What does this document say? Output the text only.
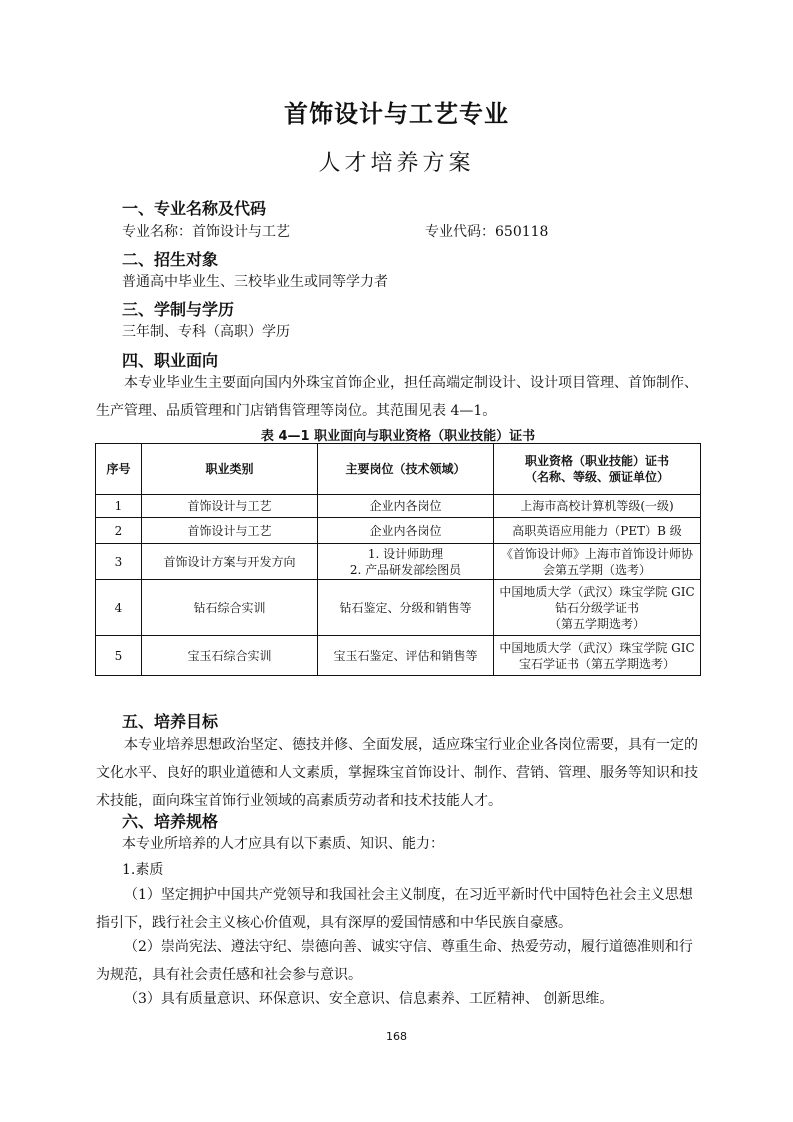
首饰设计与工艺专业
人才培养方案
一、专业名称及代码
专业名称：首饰设计与工艺	专业代码：650118
二、招生对象
普通高中毕业生、三校毕业生或同等学力者
三、学制与学历
三年制、专科（高职）学历
四、职业面向
本专业毕业生主要面向国内外珠宝首饰企业，担任高端定制设计、设计项目管理、首饰制作、生产管理、品质管理和门店销售管理等岗位。其范围见表 4—1。
表 4—1 职业面向与职业资格（职业技能）证书
序号	职业类别	主要岗位（技术领域）	职业资格（职业技能）证书
（名称、等级、颁证单位）
1	首饰设计与工艺	企业内各岗位	上海市高校计算机等级(一级)
2	首饰设计与工艺	企业内各岗位	高职英语应用能力（PET）B 级
3	首饰设计方案与开发方向	1. 设计师助理
2. 产品研发部绘图员	《首饰设计师》上海市首饰设计师协
会第五学期（选考）
4	钻石综合实训	钻石鉴定、分级和销售等	中国地质大学（武汉）珠宝学院 GIC
钻石分级学证书
（第五学期选考）
5	宝玉石综合实训	宝玉石鉴定、评估和销售等	中国地质大学（武汉）珠宝学院 GIC
宝石学证书（第五学期选考）
五、培养目标
本专业培养思想政治坚定、德技并修、全面发展，适应珠宝行业企业各岗位需要，具有一定的文化水平、良好的职业道德和人文素质，掌握珠宝首饰设计、制作、营销、管理、服务等知识和技术技能，面向珠宝首饰行业领域的高素质劳动者和技术技能人才。
六、培养规格
本专业所培养的人才应具有以下素质、知识、能力：
1.素质
（1）坚定拥护中国共产党领导和我国社会主义制度，在习近平新时代中国特色社会主义思想指引下，践行社会主义核心价值观，具有深厚的爱国情感和中华民族自豪感。
（2）崇尚宪法、遵法守纪、崇德向善、诚实守信、尊重生命、热爱劳动，履行道德准则和行为规范，具有社会责任感和社会参与意识。
（3）具有质量意识、环保意识、安全意识、信息素养、工匠精神、 创新思维。
168
